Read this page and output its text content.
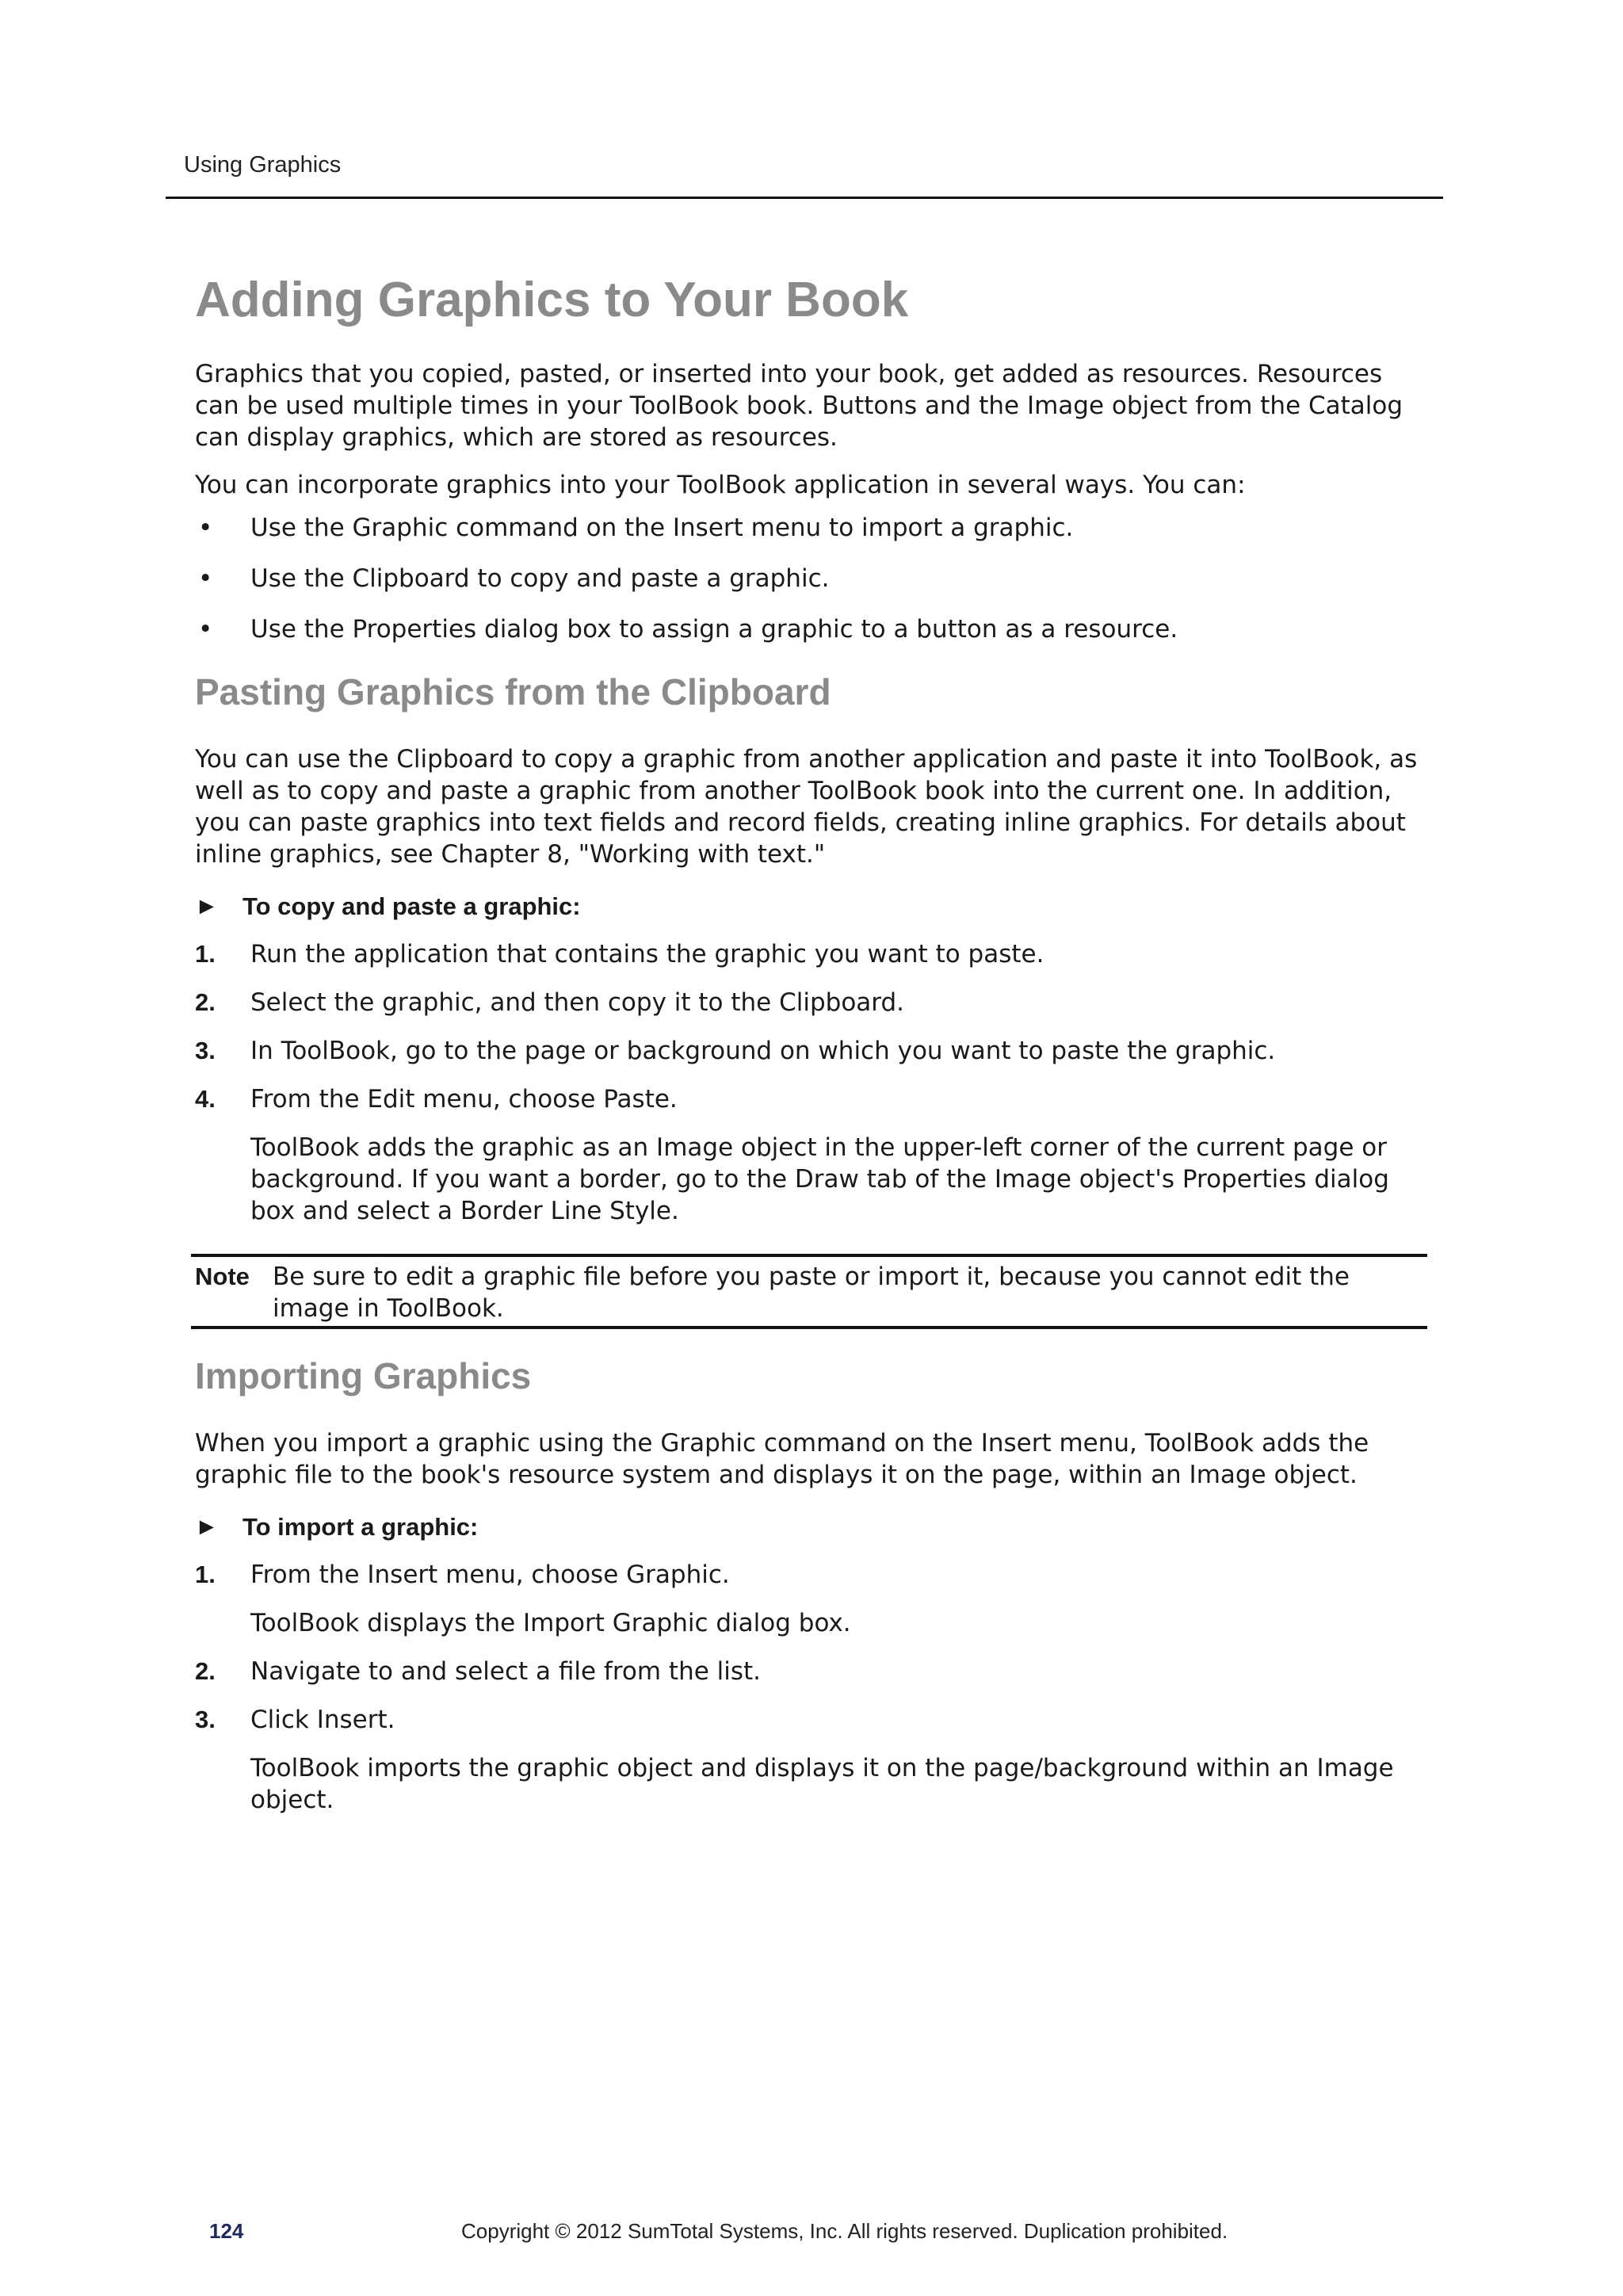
Using Graphics
Adding Graphics to Your Book

Graphics that you copied, pasted, or inserted into your book, get added as resources. Resources can be used multiple times in your ToolBook book. Buttons and the Image object from the Catalog can display graphics, which are stored as resources.

You can incorporate graphics into your ToolBook application in several ways. You can:

• Use the Graphic command on the Insert menu to import a graphic.
• Use the Clipboard to copy and paste a graphic.
• Use the Properties dialog box to assign a graphic to a button as a resource.
Pasting Graphics from the Clipboard

You can use the Clipboard to copy a graphic from another application and paste it into ToolBook, as well as to copy and paste a graphic from another ToolBook book into the current one. In addition, you can paste graphics into text fields and record fields, creating inline graphics. For details about inline graphics, see Chapter 8, "Working with text."

► To copy and paste a graphic:
1. Run the application that contains the graphic you want to paste.
2. Select the graphic, and then copy it to the Clipboard.
3. In ToolBook, go to the page or background on which you want to paste the graphic.
4. From the Edit menu, choose Paste.

ToolBook adds the graphic as an Image object in the upper-left corner of the current page or background. If you want a border, go to the Draw tab of the Image object's Properties dialog box and select a Border Line Style.

Note Be sure to edit a graphic file before you paste or import it, because you cannot edit the image in ToolBook.
Importing Graphics

When you import a graphic using the Graphic command on the Insert menu, ToolBook adds the graphic file to the book's resource system and displays it on the page, within an Image object.

► To import a graphic:
1. From the Insert menu, choose Graphic.

ToolBook displays the Import Graphic dialog box.

2. Navigate to and select a file from the list.
3. Click Insert.

ToolBook imports the graphic object and displays it on the page/background within an Image object.

124	Copyright © 2012 SumTotal Systems, Inc. All rights reserved. Duplication prohibited.
